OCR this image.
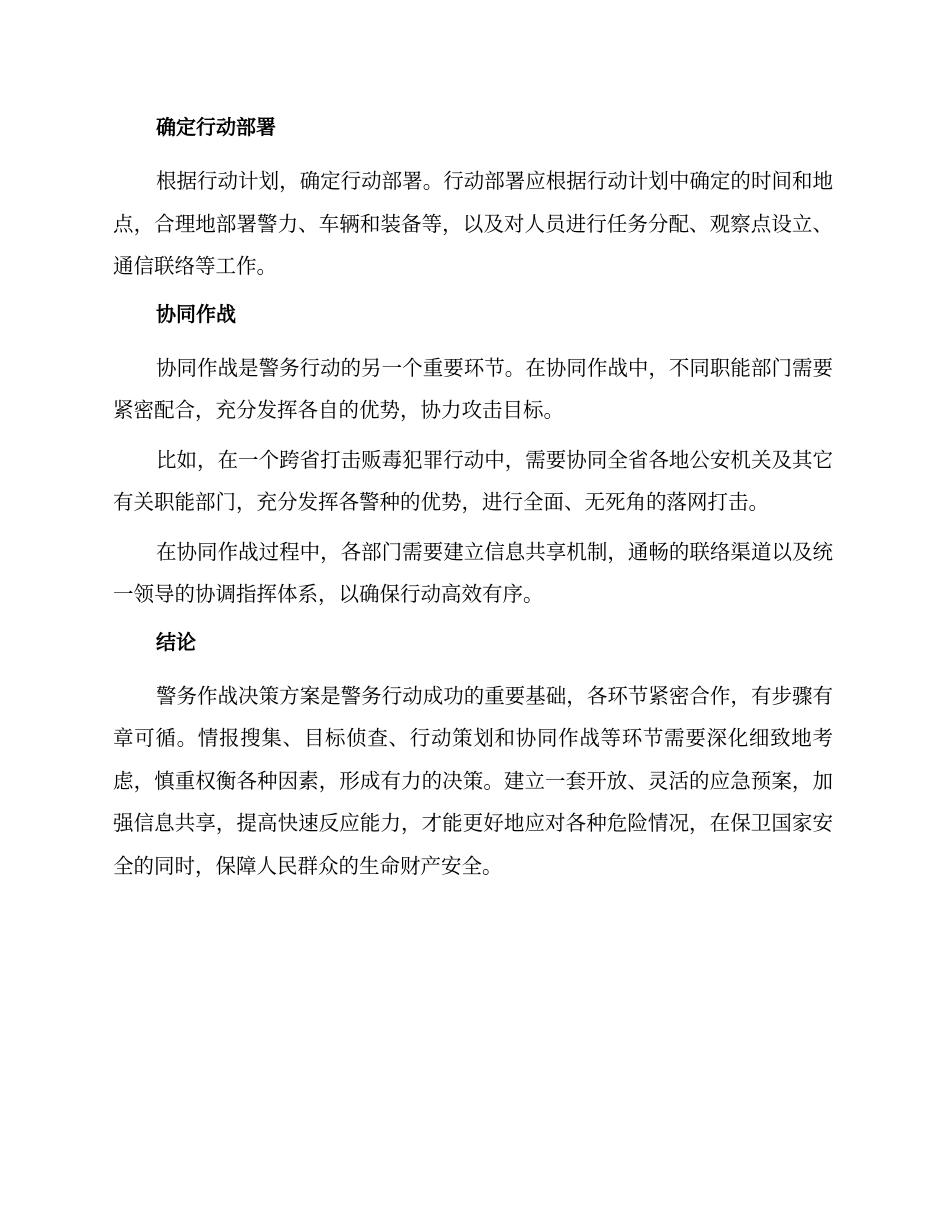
确定行动部署

根据行动计划，确定行动部署。行动部署应根据行动计划中确定的时间和地点，合理地部署警力、车辆和装备等，以及对人员进行任务分配、观察点设立、通信联络等工作。

协同作战

协同作战是警务行动的另一个重要环节。在协同作战中，不同职能部门需要紧密配合，充分发挥各自的优势，协力攻击目标。

比如，在一个跨省打击贩毒犯罪行动中，需要协同全省各地公安机关及其它有关职能部门，充分发挥各警种的优势，进行全面、无死角的落网打击。

在协同作战过程中，各部门需要建立信息共享机制，通畅的联络渠道以及统一领导的协调指挥体系，以确保行动高效有序。

结论

警务作战决策方案是警务行动成功的重要基础，各环节紧密合作，有步骤有章可循。情报搜集、目标侦查、行动策划和协同作战等环节需要深化细致地考虑，慎重权衡各种因素，形成有力的决策。建立一套开放、灵活的应急预案，加强信息共享，提高快速反应能力，才能更好地应对各种危险情况，在保卫国家安全的同时，保障人民群众的生命财产安全。
